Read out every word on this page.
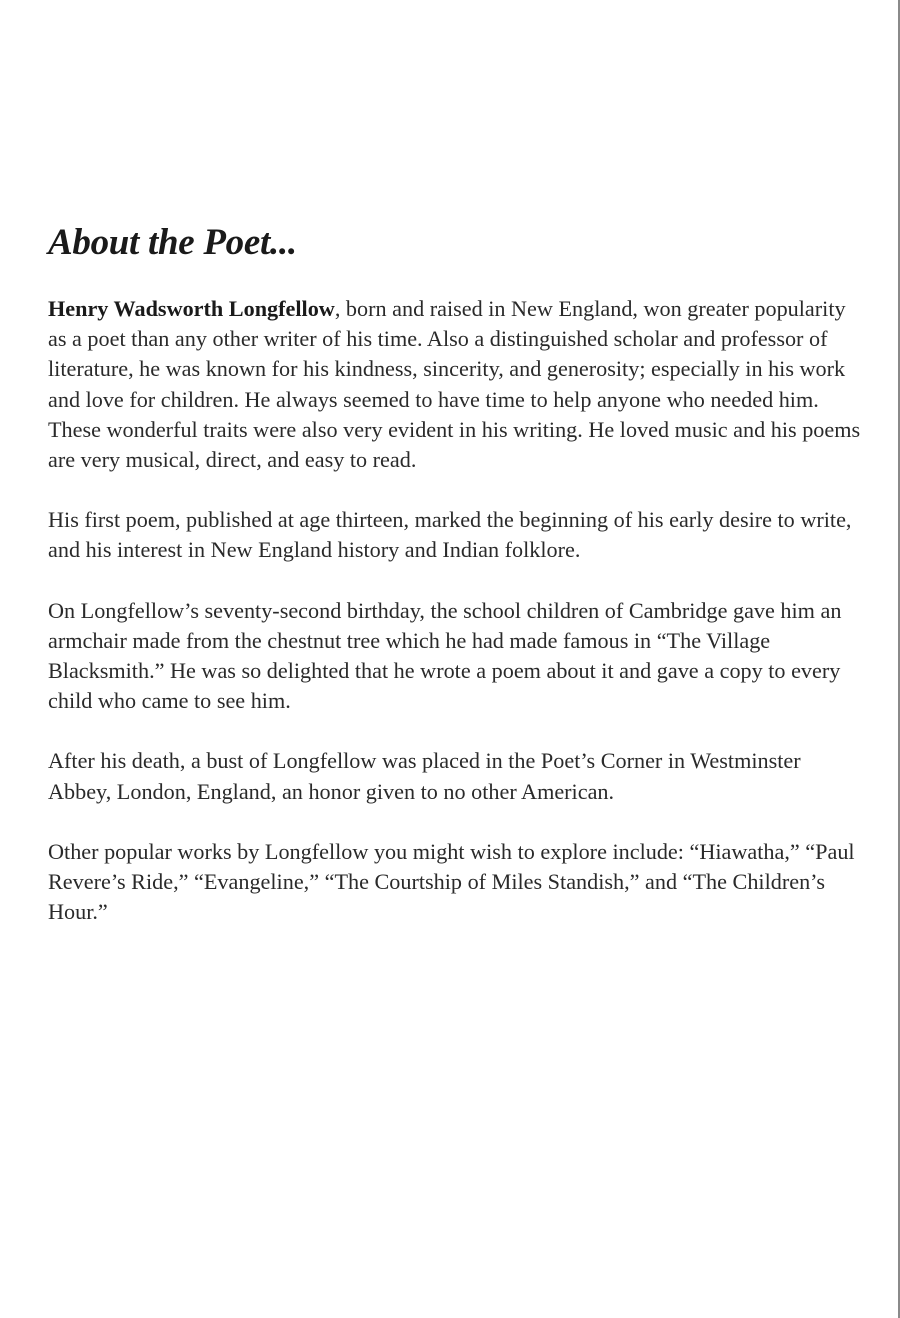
About the Poet...

Henry Wadsworth Longfellow, born and raised in New England, won greater popularity as a poet than any other writer of his time. Also a distinguished scholar and professor of literature, he was known for his kindness, sincerity, and generosity; especially in his work and love for children. He always seemed to have time to help anyone who needed him. These wonderful traits were also very evident in his writing. He loved music and his poems are very musical, direct, and easy to read.

His first poem, published at age thirteen, marked the beginning of his early desire to write, and his interest in New England history and Indian folklore.

On Longfellow’s seventy-second birthday, the school children of Cambridge gave him an armchair made from the chestnut tree which he had made famous in “The Village Blacksmith.” He was so delighted that he wrote a poem about it and gave a copy to every child who came to see him.

After his death, a bust of Longfellow was placed in the Poet’s Corner in Westminster Abbey, London, England, an honor given to no other American.

Other popular works by Longfellow you might wish to explore include: “Hiawatha,” “Paul Revere’s Ride,” “Evangeline,” “The Courtship of Miles Standish,” and “The Children’s Hour.”
